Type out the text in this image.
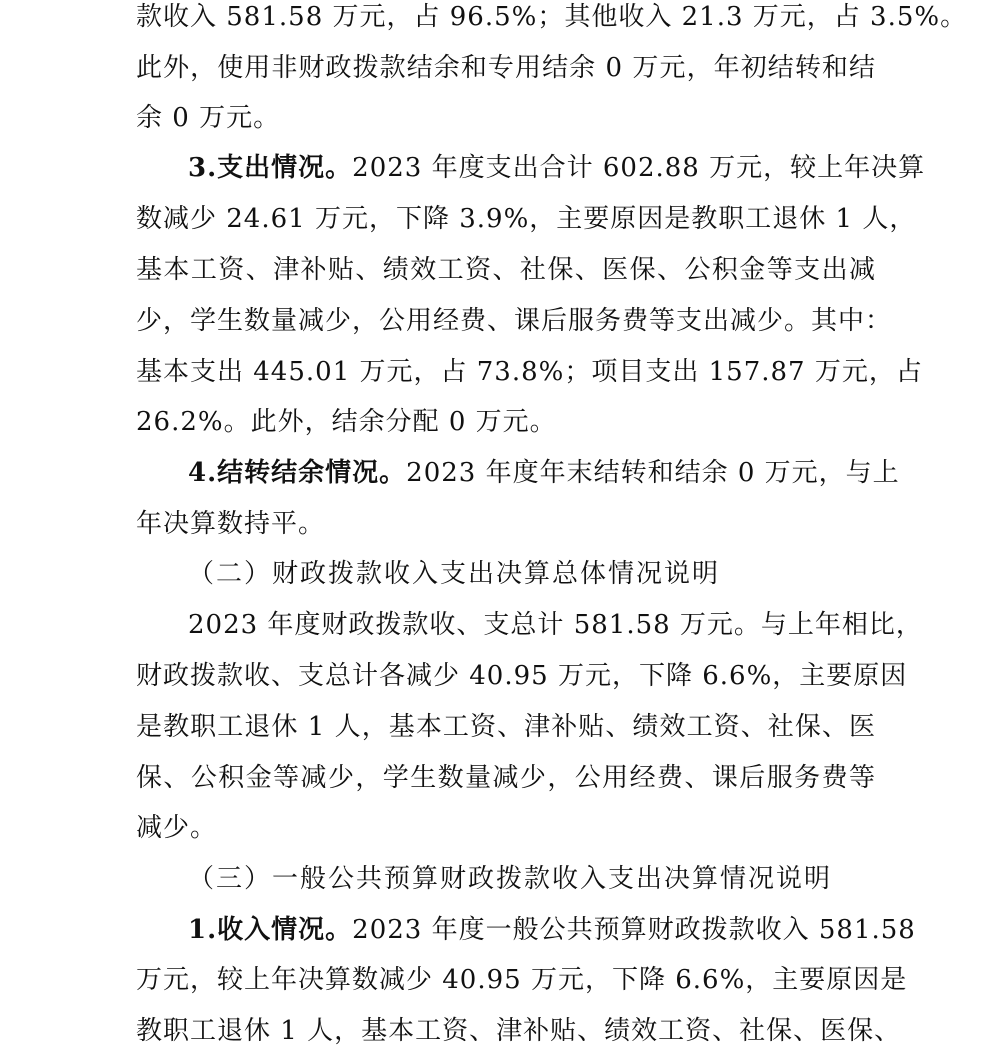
款收入 581.58 万元，占 96.5%；其他收入 21.3 万元，占 3.5%。
此外，使用非财政拨款结余和专用结余 0 万元，年初结转和结
余 0 万元。
3.支出情况。2023 年度支出合计 602.88 万元，较上年决算
数减少 24.61 万元，下降 3.9%，主要原因是教职工退休 1 人，
基本工资、津补贴、绩效工资、社保、医保、公积金等支出减
少，学生数量减少，公用经费、课后服务费等支出减少。其中：
基本支出 445.01 万元，占 73.8%；项目支出 157.87 万元，占
26.2%。此外，结余分配 0 万元。
4.结转结余情况。2023 年度年末结转和结余 0 万元，与上
年决算数持平。
（二）财政拨款收入支出决算总体情况说明
2023 年度财政拨款收、支总计 581.58 万元。与上年相比，
财政拨款收、支总计各减少 40.95 万元，下降 6.6%，主要原因
是教职工退休 1 人，基本工资、津补贴、绩效工资、社保、医
保、公积金等减少，学生数量减少，公用经费、课后服务费等
减少。
（三）一般公共预算财政拨款收入支出决算情况说明
1.收入情况。2023 年度一般公共预算财政拨款收入 581.58
万元，较上年决算数减少 40.95 万元，下降 6.6%，主要原因是
教职工退休 1 人，基本工资、津补贴、绩效工资、社保、医保、
